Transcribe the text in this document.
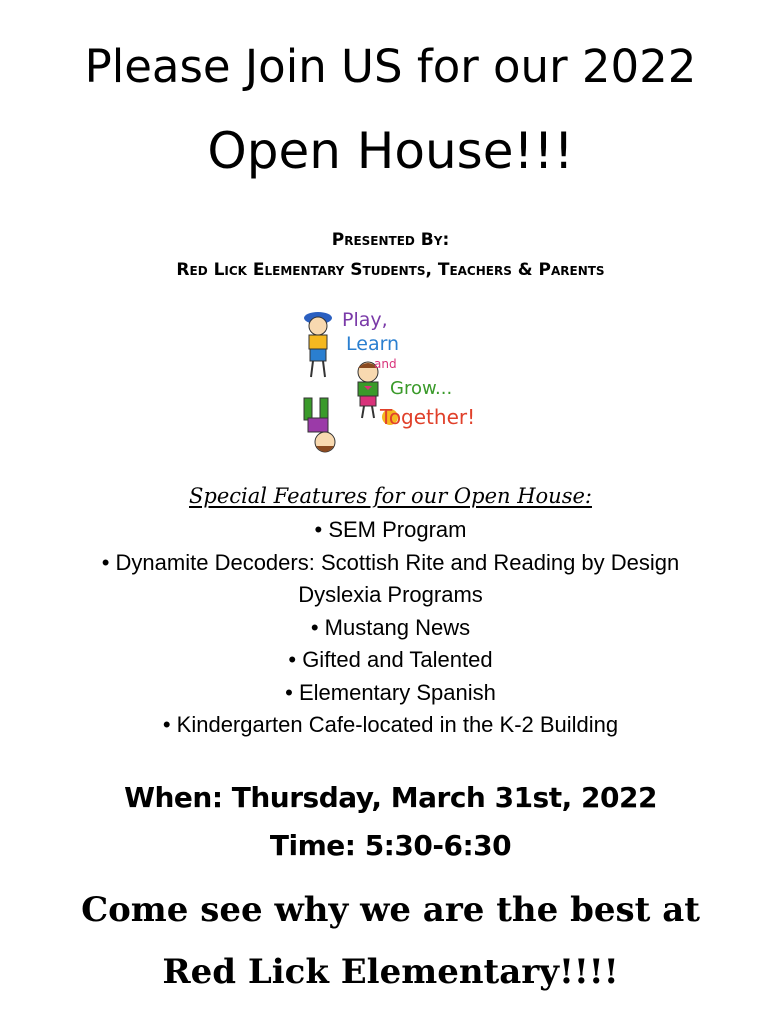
Please Join US for our 2022
Open House!!!
Presented By:
Red Lick Elementary Students, Teachers & Parents
Play,
Learn
and
Grow...
Together!
Special Features for our Open House:
• SEM Program
• Dynamite Decoders: Scottish Rite and Reading by Design
Dyslexia Programs
• Mustang News
• Gifted and Talented
• Elementary Spanish
• Kindergarten Cafe-located in the K-2 Building
When: Thursday, March 31st, 2022
Time: 5:30-6:30
Come see why we are the best at
Red Lick Elementary!!!!
